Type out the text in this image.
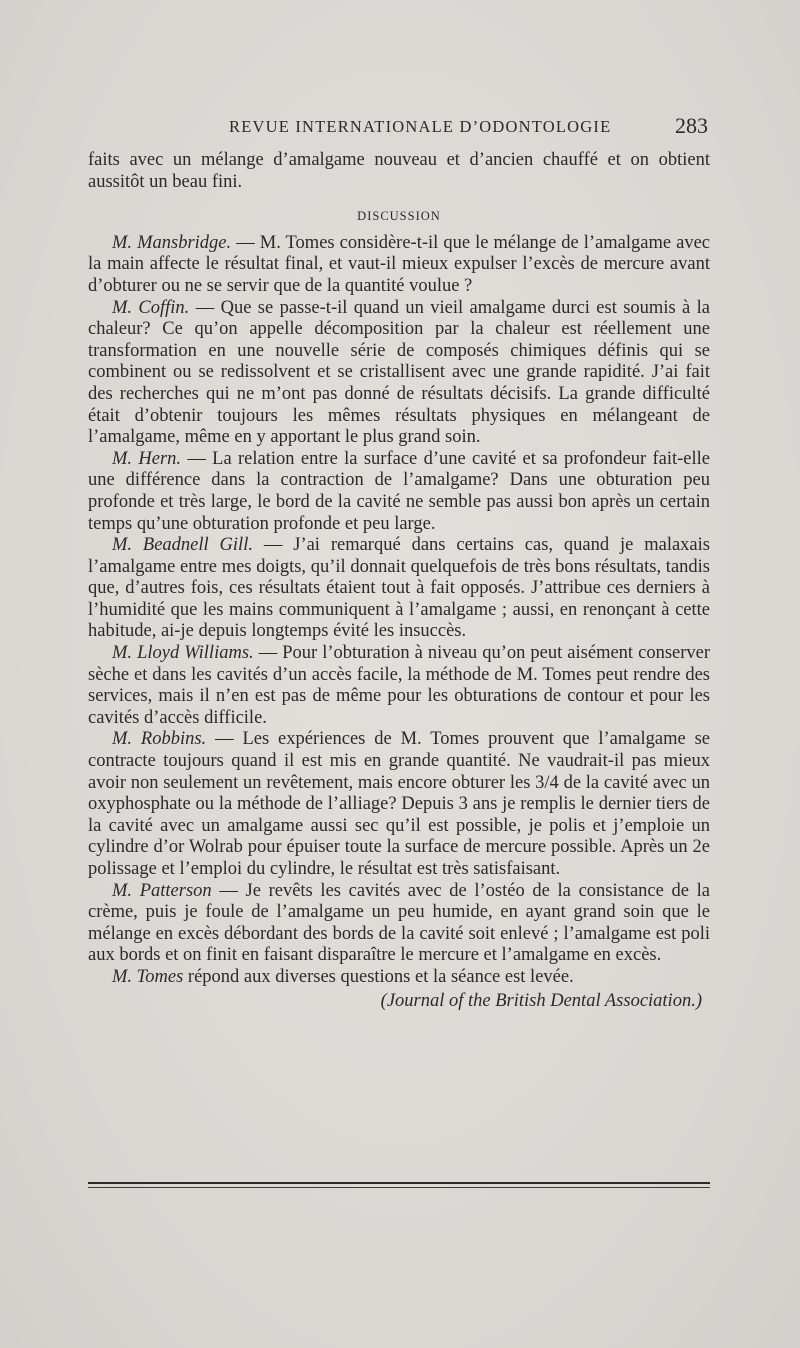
REVUE INTERNATIONALE D’ODONTOLOGIE	283

faits avec un mélange d’amalgame nouveau et d’ancien chauffé et on obtient aussitôt un beau fini.

DISCUSSION

M. Mansbridge. — M. Tomes considère-t-il que le mélange de l’amalgame avec la main affecte le résultat final, et vaut-il mieux expulser l’excès de mercure avant d’obturer ou ne se servir que de la quantité voulue ?

M. Coffin. — Que se passe-t-il quand un vieil amalgame durci est soumis à la chaleur? Ce qu’on appelle décomposition par la chaleur est réellement une transformation en une nouvelle série de composés chimiques définis qui se combinent ou se redissolvent et se cristallisent avec une grande rapidité. J’ai fait des recherches qui ne m’ont pas donné de résultats décisifs. La grande difficulté était d’obtenir toujours les mêmes résultats physiques en mélangeant de l’amalgame, même en y apportant le plus grand soin.

M. Hern. — La relation entre la surface d’une cavité et sa profondeur fait-elle une différence dans la contraction de l’amalgame? Dans une obturation peu profonde et très large, le bord de la cavité ne semble pas aussi bon après un certain temps qu’une obturation profonde et peu large.

M. Beadnell Gill. — J’ai remarqué dans certains cas, quand je malaxais l’amalgame entre mes doigts, qu’il donnait quelquefois de très bons résultats, tandis que, d’autres fois, ces résultats étaient tout à fait opposés. J’attribue ces derniers à l’humidité que les mains communiquent à l’amalgame ; aussi, en renonçant à cette habitude, ai-je depuis longtemps évité les insuccès.

M. Lloyd Williams. — Pour l’obturation à niveau qu’on peut aisément conserver sèche et dans les cavités d’un accès facile, la méthode de M. Tomes peut rendre des services, mais il n’en est pas de même pour les obturations de contour et pour les cavités d’accès difficile.

M. Robbins. — Les expériences de M. Tomes prouvent que l’amalgame se contracte toujours quand il est mis en grande quantité. Ne vaudrait-il pas mieux avoir non seulement un revêtement, mais encore obturer les 3/4 de la cavité avec un oxyphosphate ou la méthode de l’alliage? Depuis 3 ans je remplis le dernier tiers de la cavité avec un amalgame aussi sec qu’il est possible, je polis et j’emploie un cylindre d’or Wolrab pour épuiser toute la surface de mercure possible. Après un 2e polissage et l’emploi du cylindre, le résultat est très satisfaisant.

M. Patterson — Je revêts les cavités avec de l’ostéo de la consistance de la crème, puis je foule de l’amalgame un peu humide, en ayant grand soin que le mélange en excès débordant des bords de la cavité soit enlevé ; l’amalgame est poli aux bords et on finit en faisant disparaître le mercure et l’amalgame en excès.

M. Tomes répond aux diverses questions et la séance est levée.

(Journal of the British Dental Association.)
